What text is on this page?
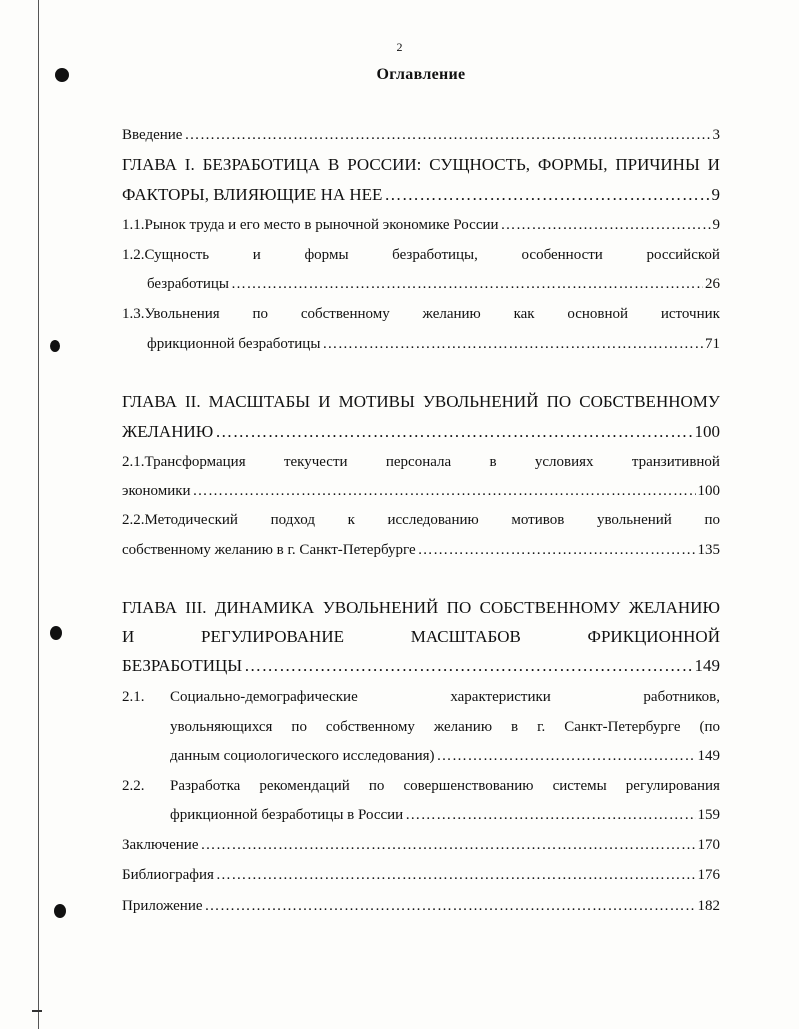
2
Оглавление
Введение ……………………………………………………………………………………………………………………………………………………………………………………	3
ГЛАВА I. БЕЗРАБОТИЦА В РОССИИ: СУЩНОСТЬ, ФОРМЫ, ПРИЧИНЫ И
ФАКТОРЫ, ВЛИЯЮЩИЕ НА НЕЕ ……………………………………………………………………………………………………………………………………………………………………………………	9
1.1.Рынок труда и его место в рыночной экономике России ……………………………………………………………………………………………………………………………………………………………………………………	9
1.2.Сущность	и	формы	безработицы,	особенности	российской
безработицы ……………………………………………………………………………………………………………………………………………………………………………………	26
1.3.Увольнения по собственному желанию как основной источник
фрикционной безработицы ……………………………………………………………………………………………………………………………………………………………………………………	71
ГЛАВА II. МАСШТАБЫ И МОТИВЫ УВОЛЬНЕНИЙ ПО СОБСТВЕННОМУ
ЖЕЛАНИЮ ……………………………………………………………………………………………………………………………………………………………………………………	100
2.1.Трансформация	текучести	персонала	в	условиях	транзитивной
экономики ……………………………………………………………………………………………………………………………………………………………………………………	100
2.2.Методический подход к исследованию мотивов увольнений по
собственному желанию в г. Санкт-Петербурге ……………………………………………………………………………………………………………………………………………………………………………………	135
ГЛАВА III. ДИНАМИКА УВОЛЬНЕНИЙ ПО СОБСТВЕННОМУ ЖЕЛАНИЮ
И	РЕГУЛИРОВАНИЕ	МАСШТАБОВ	ФРИКЦИОННОЙ
БЕЗРАБОТИЦЫ ……………………………………………………………………………………………………………………………………………………………………………………	149
2.1. Социально-демографические	характеристики	работников,
увольняющихся по собственному желанию в г. Санкт-Петербурге (по
данным социологического исследования) ……………………………………………………………………………………………………………………………………………………………………………………	149
2.2. Разработка рекомендаций по совершенствованию системы регулирования
фрикционной безработицы в России ……………………………………………………………………………………………………………………………………………………………………………………	159
Заключение ……………………………………………………………………………………………………………………………………………………………………………………	170
Библиография ……………………………………………………………………………………………………………………………………………………………………………………	176
Приложение ……………………………………………………………………………………………………………………………………………………………………………………	182
